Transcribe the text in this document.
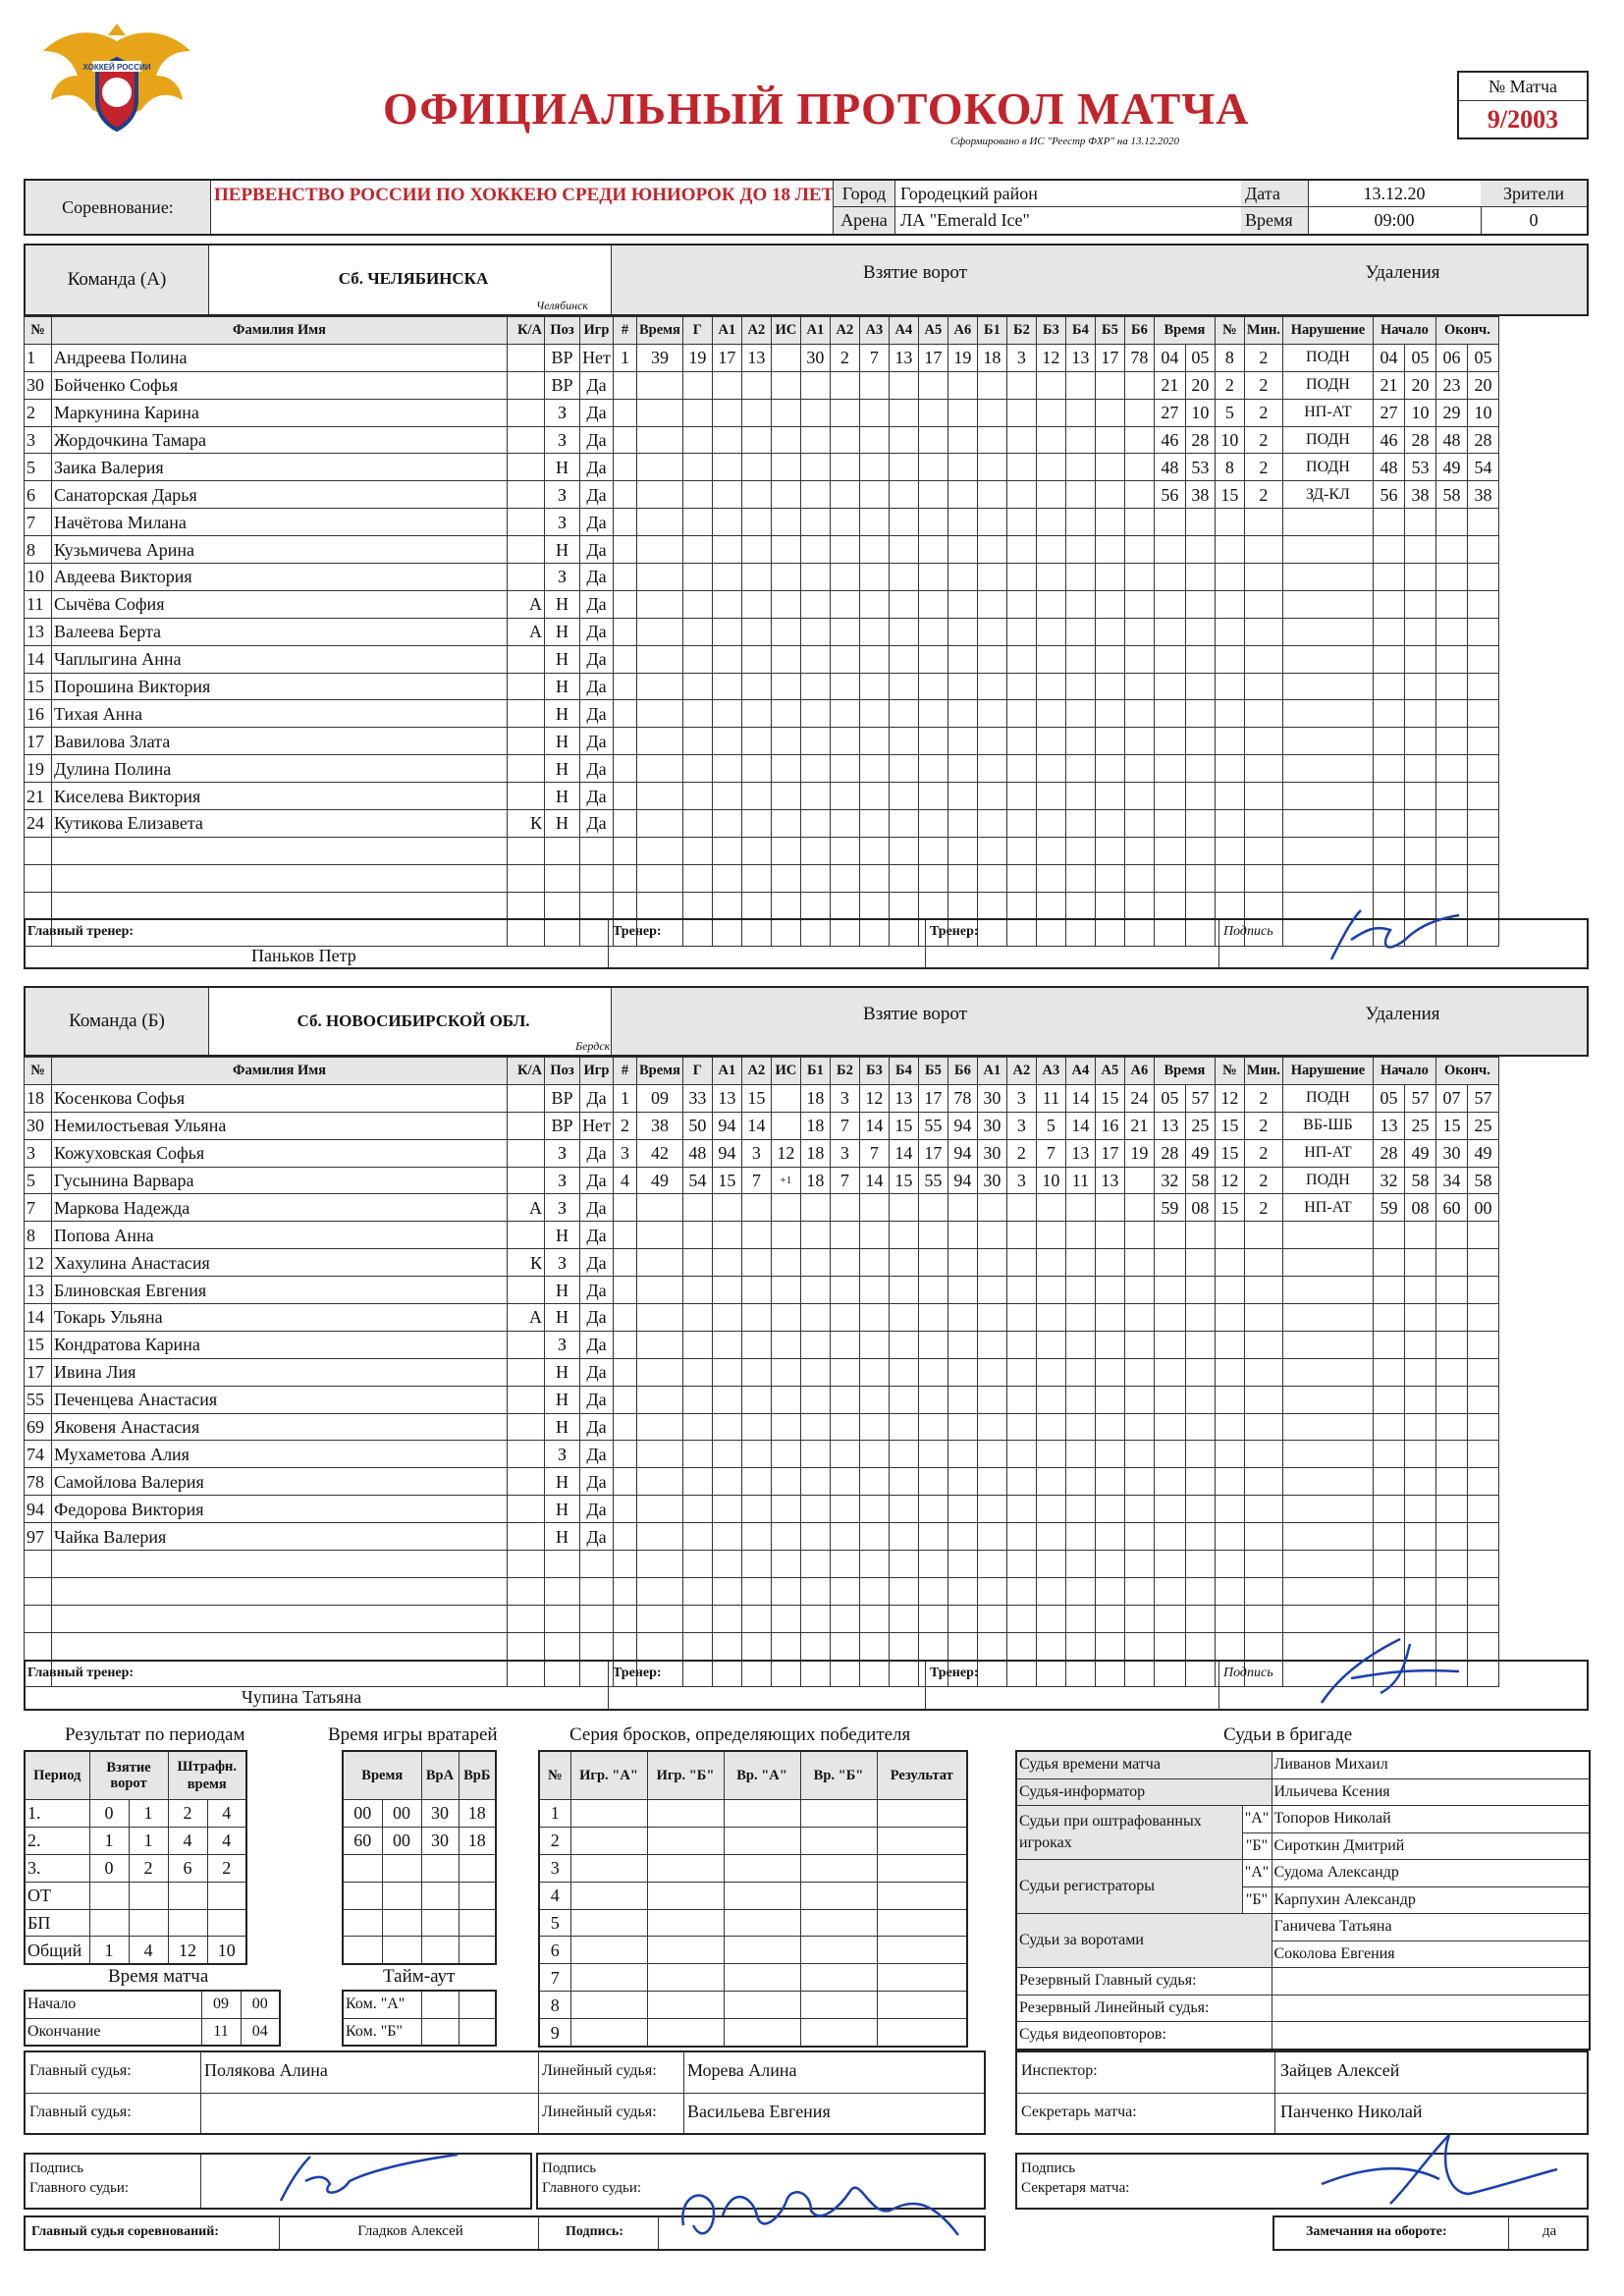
ХОККЕЙ РОССИИ
ОФИЦИАЛЬНЫЙ ПРОТОКОЛ МАТЧА
Сформировано в ИС "Реестр ФХР" на 13.12.2020
№ Матча
9/2003
Соревнование:
ПЕРВЕНСТВО РОССИИ ПО ХОККЕЮ СРЕДИ ЮНИОРОК ДО 18 ЛЕТ Город Городецкий район
Арена ЛА "Emerald Ice"
Дата	13.12.20
Время	09:00
Зрители
0
Команда (А)	Сб. ЧЕЛЯБИНСКА
Челябинск
Взятие ворот	Удаления
№	Фамилия Имя	К/А	Поз	Игр	#	Время	Г	А1	А2	ИС	А1	А2	А3	А4	А5	А6	Б1	Б2	Б3	Б4	Б5	Б6	Время		№	Мин.	Нарушение	Начало		Оконч.	
1	Андреева Полина		ВР	Нет	1	39	19	17	13		30	2	7	13	17	19	18	3	12	13	17	78	04	05	8	2	ПОДН	04	05	06	05
30	Бойченко Софья		ВР	Да																			21	20	2	2	ПОДН	21	20	23	20
2	Маркунина Карина		З	Да																			27	10	5	2	НП-АТ	27	10	29	10
3	Жордочкина Тамара		З	Да																			46	28	10	2	ПОДН	46	28	48	28
5	Заика Валерия		Н	Да																			48	53	8	2	ПОДН	48	53	49	54
6	Санаторская Дарья		З	Да																			56	38	15	2	ЗД-КЛ	56	38	58	38
7	Начётова Милана		З	Да																											
8	Кузьмичева Арина		Н	Да																											
10	Авдеева Виктория		З	Да																											
11	Сычёва София	А	Н	Да																											
13	Валеева Берта	А	Н	Да																											
14	Чаплыгина Анна		Н	Да																											
15	Порошина Виктория		Н	Да																											
16	Тихая Анна		Н	Да																											
17	Вавилова Злата		Н	Да																											
19	Дулина Полина		Н	Да																											
21	Киселева Виктория		Н	Да																											
24	Кутикова Елизавета	К	Н	Да																											

Главный тренер:
Паньков Петр
Тренер:	Тренер:	Подпись
Команда (Б)	Сб. НОВОСИБИРСКОЙ ОБЛ.
Бердск
Взятие ворот	Удаления
№	Фамилия Имя	К/А	Поз	Игр	#	Время	Г	А1	А2	ИС	Б1	Б2	Б3	Б4	Б5	Б6	А1	А2	А3	А4	А5	А6	Время		№	Мин.	Нарушение	Начало		Оконч.	
18	Косенкова Софья		ВР	Да	1	09	33	13	15		18	3	12	13	17	78	30	3	11	14	15	24	05	57	12	2	ПОДН	05	57	07	57
30	Немилостьевая Ульяна		ВР	Нет	2	38	50	94	14		18	7	14	15	55	94	30	3	5	14	16	21	13	25	15	2	ВБ-ШБ	13	25	15	25
3	Кожуховская Софья		З	Да	3	42	48	94	3	12	18	3	7	14	17	94	30	2	7	13	17	19	28	49	15	2	НП-АТ	28	49	30	49
5	Гусынина Варвара		З	Да	4	49	54	15	7	+1	18	7	14	15	55	94	30	3	10	11	13		32	58	12	2	ПОДН	32	58	34	58
7	Маркова Надежда	А	З	Да																			59	08	15	2	НП-АТ	59	08	60	00
8	Попова Анна		Н	Да																											
12	Хахулина Анастасия	К	З	Да																											
13	Блиновская Евгения		Н	Да																											
14	Токарь Ульяна	А	Н	Да																											
15	Кондратова Карина		З	Да																											
17	Ивина Лия		Н	Да																											
55	Печенцева Анастасия		Н	Да																											
69	Яковеня Анастасия		Н	Да																											
74	Мухаметова Алия		З	Да																											
78	Самойлова Валерия		Н	Да																											
94	Федорова Виктория		Н	Да																											
97	Чайка Валерия		Н	Да																											

Главный тренер:
Чупина Татьяна
Тренер:	Тренер:	Подпись
Результат по периодам	Время игры вратарей	Серия бросков, определяющих победителя	Судьи в бригаде
Период	Взятие ворот		Штрафн. время	
1.	0	1	2	4
2.	1	1	4	4
3.	0	2	6	2
ОТ				
БП				
Общий	1	4	12	10
Время		ВрА	ВрБ
00	00	30	18
60	00	30	18

Время матча
Начало	09	00
Окончание	11	04
Тайм-аут
Ком. "А"		
Ком. "Б"		
№	Игр. "А"	Игр. "Б"	Вр. "А"	Вр. "Б"	Результат
1					
2					
3					
4					
5					
6					
7					
8					
9					
Судья времени матча		Ливанов Михаил
Судья-информатор		Ильичева Ксения
Судьи при оштрафованных игроках	"А"	Топоров Николай
	"Б"	Сироткин Дмитрий
Судьи регистраторы	"А"	Судома Александр
	"Б"	Карпухин Александр
Судьи за воротами		Ганичева Татьяна
		Соколова Евгения
Резервный Главный судья:		
Резервный Линейный судья:		
Судья видеоповторов:		
Главный судья:	Полякова Алина
Главный судья:
Линейный судья: Морева Алина
Линейный судья: Васильева Евгения
Инспектор:	Зайцев Алексей
Секретарь матча:	Панченко Николай
Подпись
Главного судьи:
Подпись
Главного судьи:
Подпись
Секретаря матча:
Главный судья соревнований:	Гладков Алексей	Подпись:	Замечания на обороте:	да
